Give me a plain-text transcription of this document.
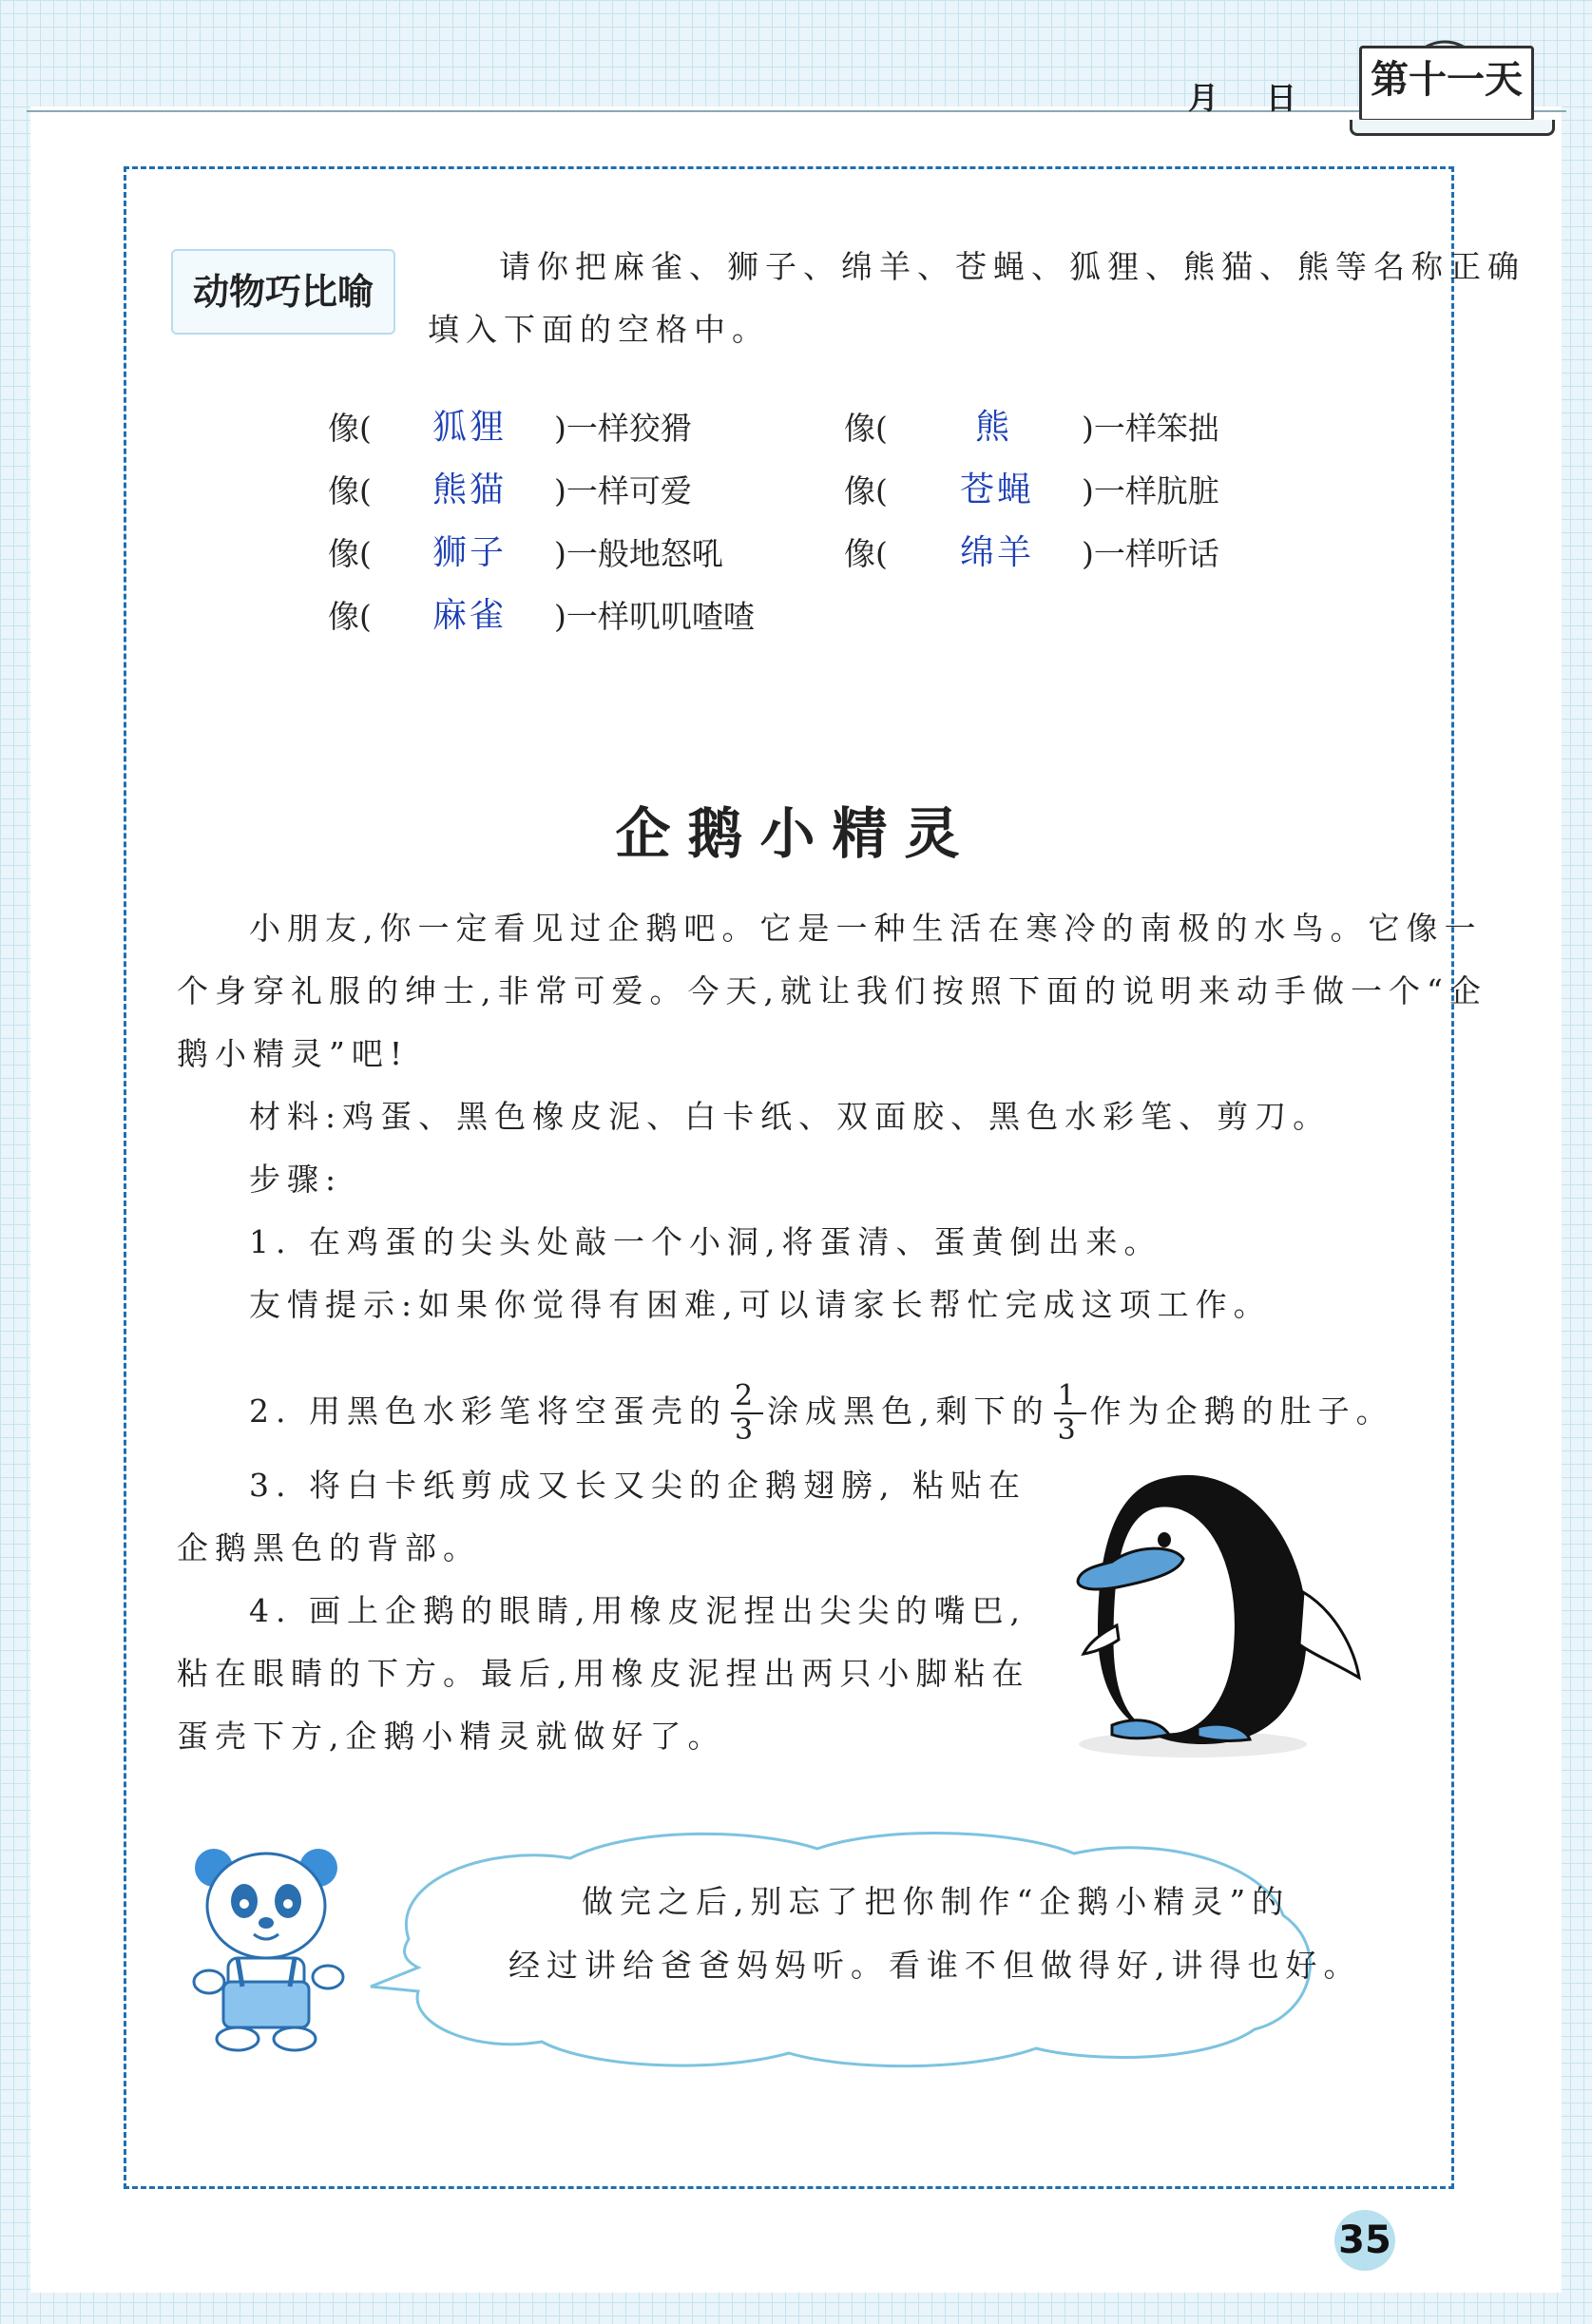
月 日	第十一天
动物巧比喻
请你把麻雀、狮子、绵羊、苍蝇、狐狸、熊猫、熊等名称正确
填入下面的空格中。
像( 狐狸 )一样狡猾	像(	熊 )一样笨拙
像( 熊猫 )一样可爱	像( 苍蝇 )一样肮脏
像( 狮子 )一般地怒吼	像( 绵羊 )一样听话
像( 麻雀 )一样叽叽喳喳
企鹅小精灵
小朋友,你一定看见过企鹅吧。它是一种生活在寒冷的南极的水鸟。它像一
个身穿礼服的绅士,非常可爱。今天,就让我们按照下面的说明来动手做一个“企
鹅小精灵”吧!
材料:鸡蛋、黑色橡皮泥、白卡纸、双面胶、黑色水彩笔、剪刀。
步骤:
1. 在鸡蛋的尖头处敲一个小洞,将蛋清、蛋黄倒出来。
友情提示:如果你觉得有困难,可以请家长帮忙完成这项工作。
2. 用黑色水彩笔将空蛋壳的 $\frac{2}{3}$ 涂成黑色,剩下的 $\frac{1}{3}$ 作为企鹅的肚子。
3. 将白卡纸剪成又长又尖的企鹅翅膀, 粘贴在
企鹅黑色的背部。
4. 画上企鹅的眼睛,用橡皮泥捏出尖尖的嘴巴,
粘在眼睛的下方。最后,用橡皮泥捏出两只小脚粘在
蛋壳下方,企鹅小精灵就做好了。
做完之后,别忘了把你制作“企鹅小精灵”的
经过讲给爸爸妈妈听。看谁不但做得好,讲得也好。
35
